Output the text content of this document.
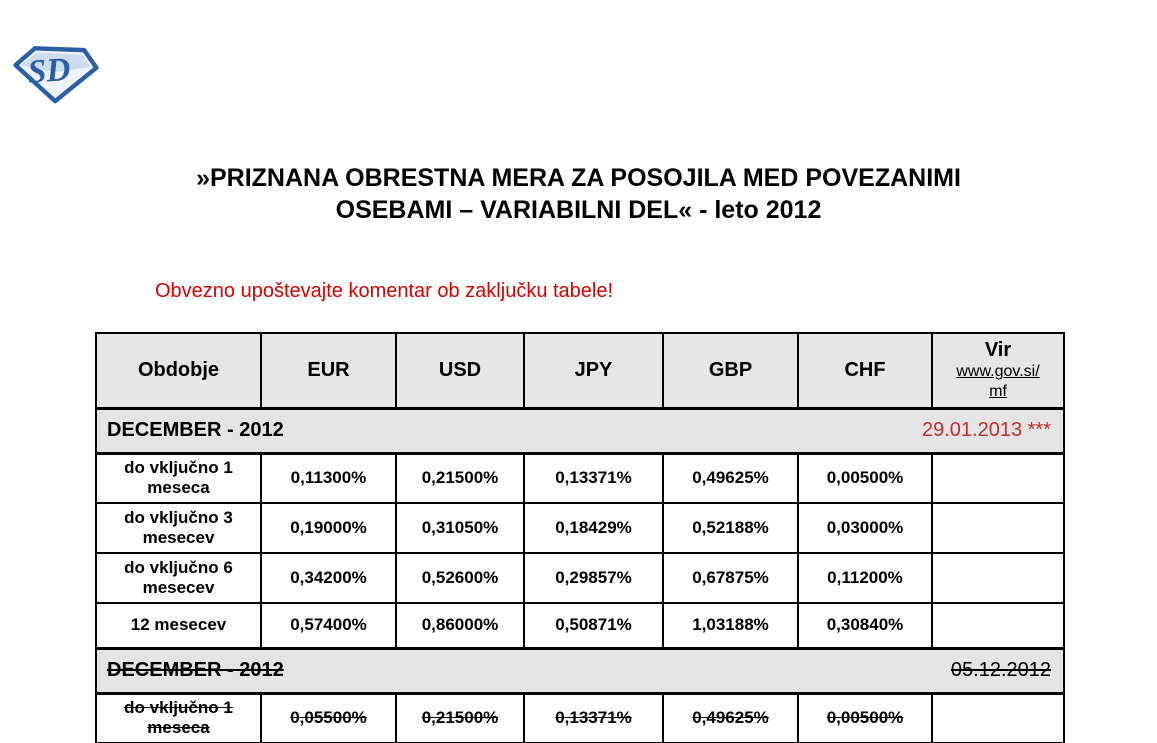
SD
»PRIZNANA OBRESTNA MERA ZA POSOJILA MED POVEZANIMI
OSEBAMI – VARIABILNI DEL« - leto 2012
Obvezno upoštevajte komentar ob zaključku tabele!
Obdobje	EUR	USD	JPY	GBP	CHF	Vir
www.gov.si/
mf

DECEMBER - 2012 29.01.2013 ***						

do vključno 1 meseca	0,11300%	0,21500%	0,13371%	0,49625%	0,00500%	
do vključno 3 mesecev	0,19000%	0,31050%	0,18429%	0,52188%	0,03000%	
do vključno 6 mesecev	0,34200%	0,52600%	0,29857%	0,67875%	0,11200%	
12 mesecev	0,57400%	0,86000%	0,50871%	1,03188%	0,30840%	

DECEMBER - 2012 05.12.2012						

do vključno 1 meseca	0,05500%	0,21500%	0,13371%	0,49625%	0,00500%	
